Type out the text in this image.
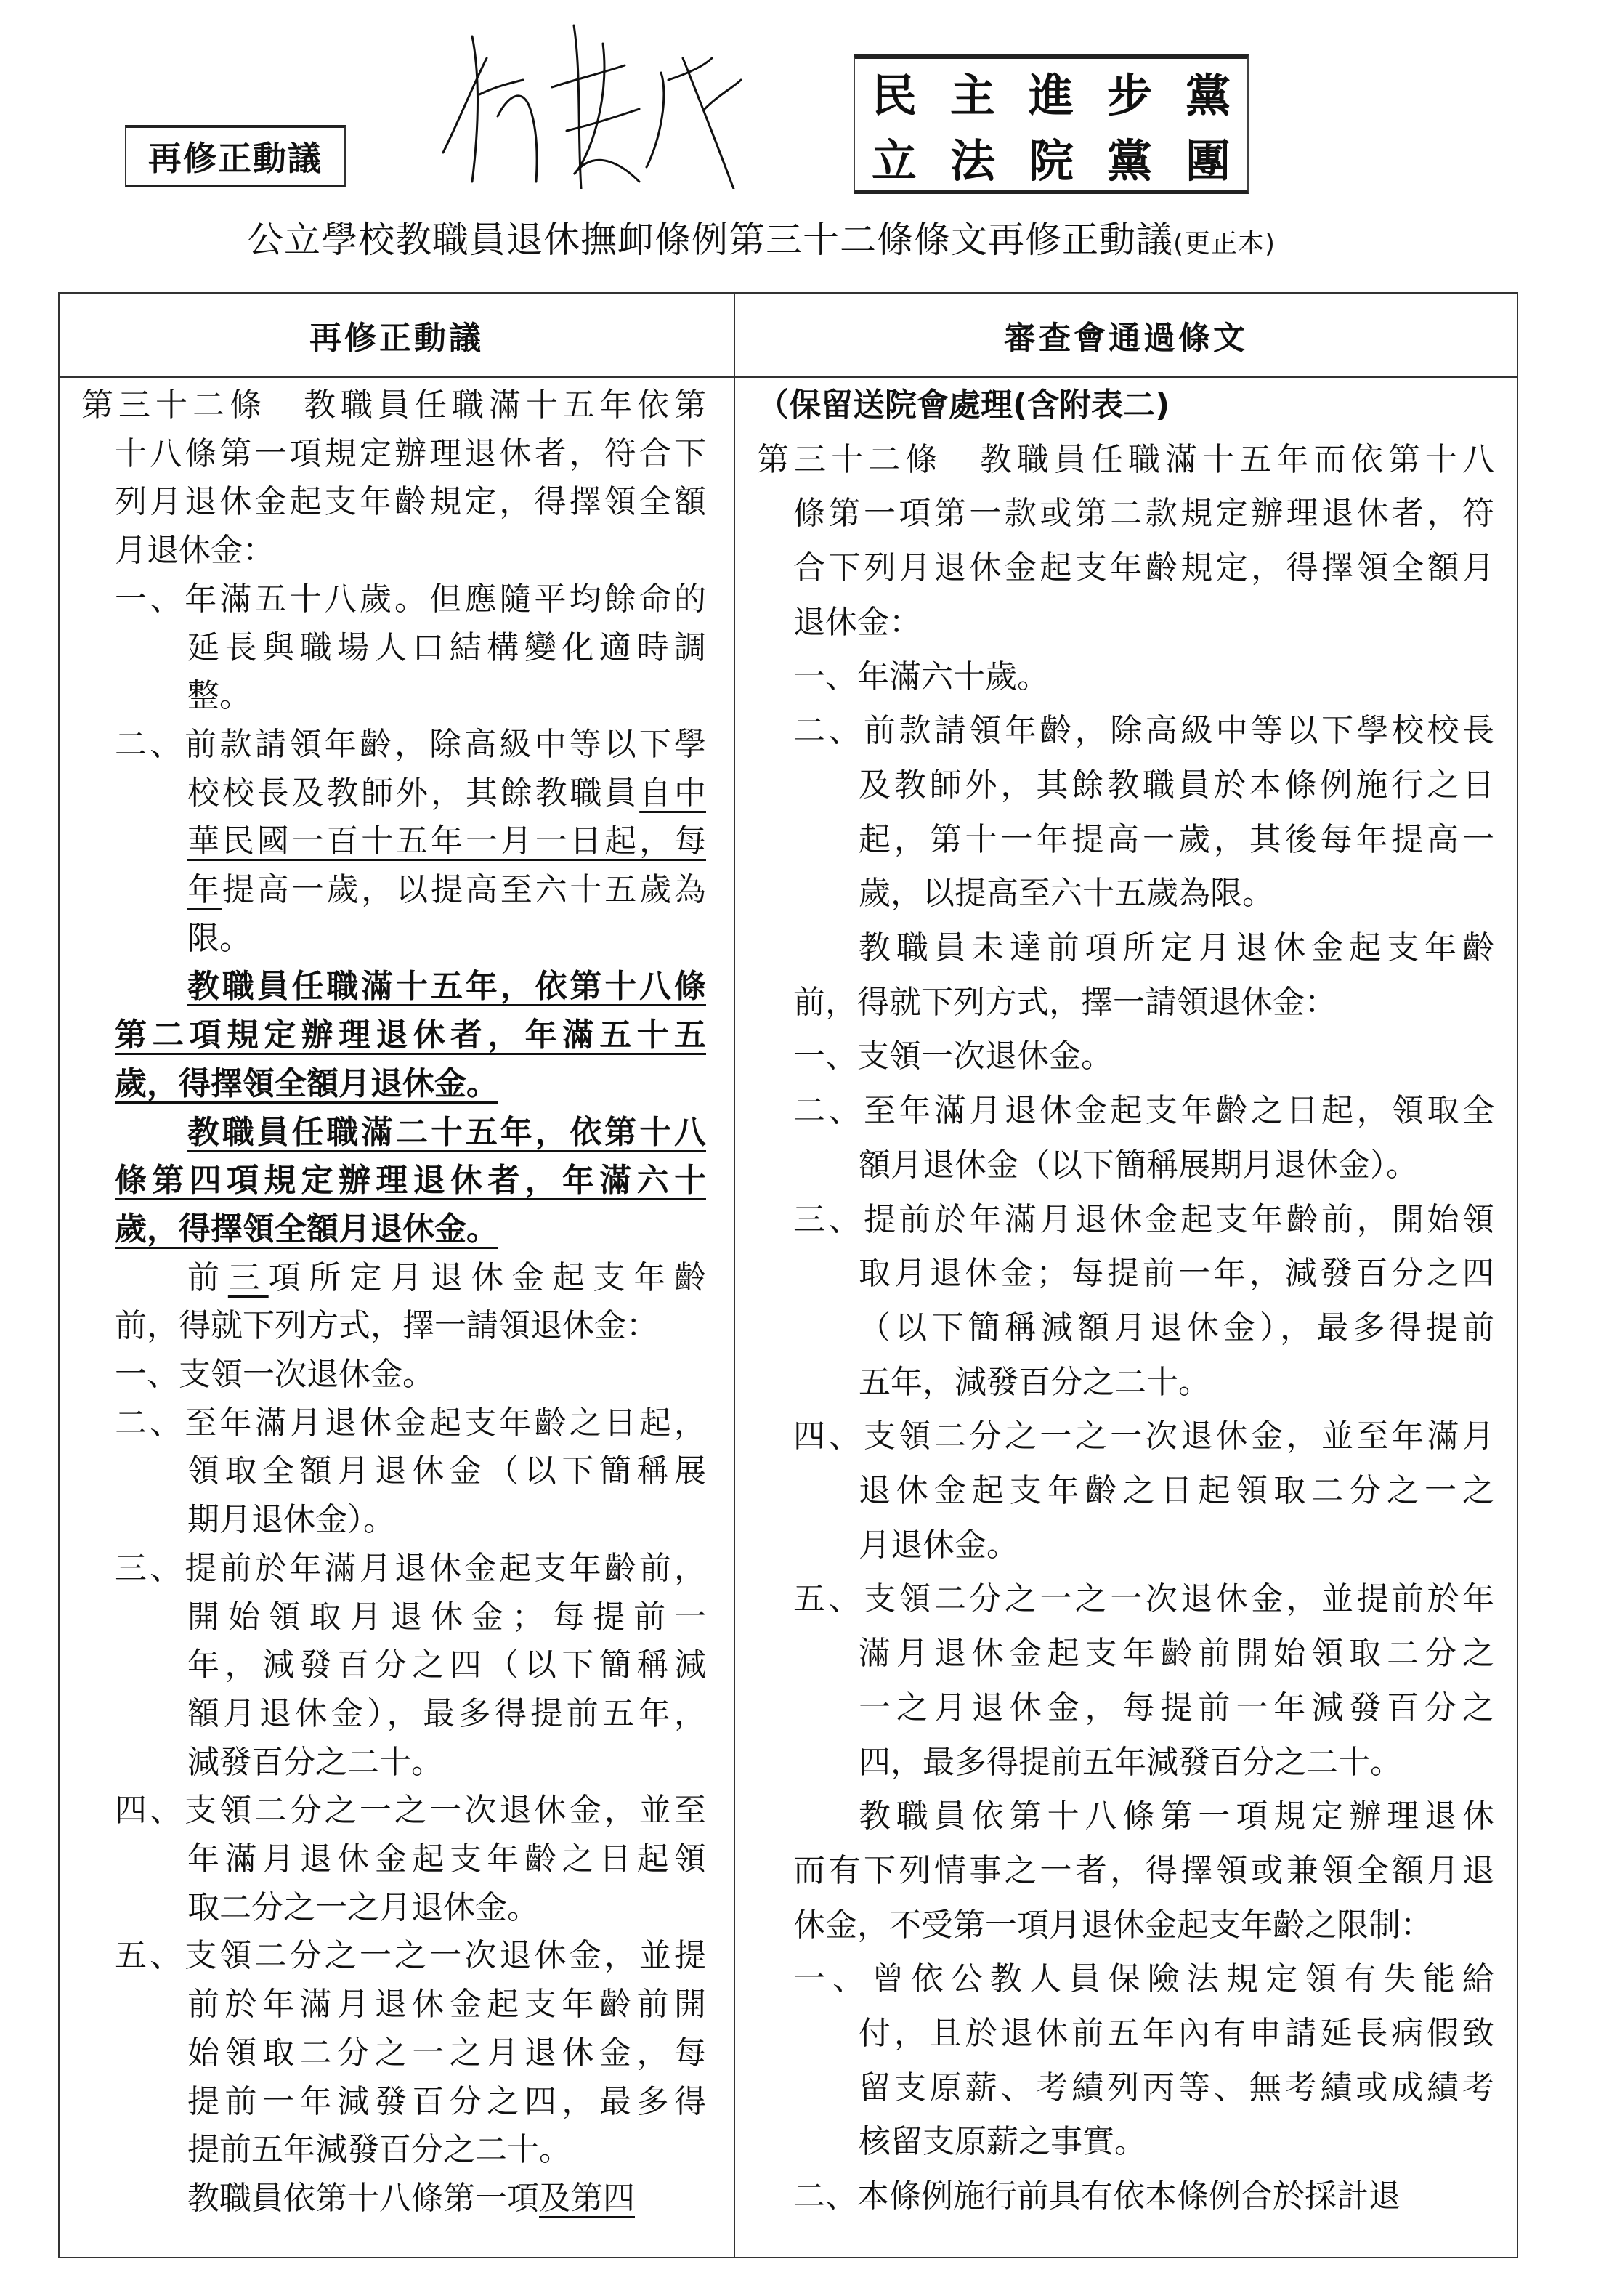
再修正動議
民 主 進 步 黨
立 法 院 黨 團
公立學校教職員退休撫卹條例第三十二條條文再修正動議(更正本)
再修正動議	審查會通過條文
第三十二條　教職員任職滿十五年依第
十八條第一項規定辦理退休者，符合下
列月退休金起支年齡規定，得擇領全額
月退休金：
一、年滿五十八歲。但應隨平均餘命的
延長與職場人口結構變化適時調
整。
二、前款請領年齡，除高級中等以下學
校校長及教師外，其餘教職員自中
華民國一百十五年一月一日起，每
年提高一歲，以提高至六十五歲為
限。
教職員任職滿十五年，依第十八條
第二項規定辦理退休者，年滿五十五
歲，得擇領全額月退休金。
教職員任職滿二十五年，依第十八
條第四項規定辦理退休者，年滿六十
歲，得擇領全額月退休金。
前三項所定月退休金起支年齡
前，得就下列方式，擇一請領退休金：
一、支領一次退休金。
二、至年滿月退休金起支年齡之日起，
領取全額月退休金（以下簡稱展
期月退休金）。
三、提前於年滿月退休金起支年齡前，
開始領取月退休金；每提前一
年，減發百分之四（以下簡稱減
額月退休金），最多得提前五年，
減發百分之二十。
四、支領二分之一之一次退休金，並至
年滿月退休金起支年齡之日起領
取二分之一之月退休金。
五、支領二分之一之一次退休金，並提
前於年滿月退休金起支年齡前開
始領取二分之一之月退休金，每
提前一年減發百分之四，最多得
提前五年減發百分之二十。
教職員依第十八條第一項及第四
（保留送院會處理(含附表二)
第三十二條　教職員任職滿十五年而依第十八
條第一項第一款或第二款規定辦理退休者，符
合下列月退休金起支年齡規定，得擇領全額月
退休金：
一、年滿六十歲。
二、前款請領年齡，除高級中等以下學校校長
及教師外，其餘教職員於本條例施行之日
起，第十一年提高一歲，其後每年提高一
歲，以提高至六十五歲為限。
教職員未達前項所定月退休金起支年齡
前，得就下列方式，擇一請領退休金：
一、支領一次退休金。
二、至年滿月退休金起支年齡之日起，領取全
額月退休金（以下簡稱展期月退休金）。
三、提前於年滿月退休金起支年齡前，開始領
取月退休金；每提前一年，減發百分之四
（以下簡稱減額月退休金），最多得提前
五年，減發百分之二十。
四、支領二分之一之一次退休金，並至年滿月
退休金起支年齡之日起領取二分之一之
月退休金。
五、支領二分之一之一次退休金，並提前於年
滿月退休金起支年齡前開始領取二分之
一之月退休金，每提前一年減發百分之
四，最多得提前五年減發百分之二十。
教職員依第十八條第一項規定辦理退休
而有下列情事之一者，得擇領或兼領全額月退
休金，不受第一項月退休金起支年齡之限制：
一、曾依公教人員保險法規定領有失能給
付，且於退休前五年內有申請延長病假致
留支原薪、考績列丙等、無考績或成績考
核留支原薪之事實。
二、本條例施行前具有依本條例合於採計退
